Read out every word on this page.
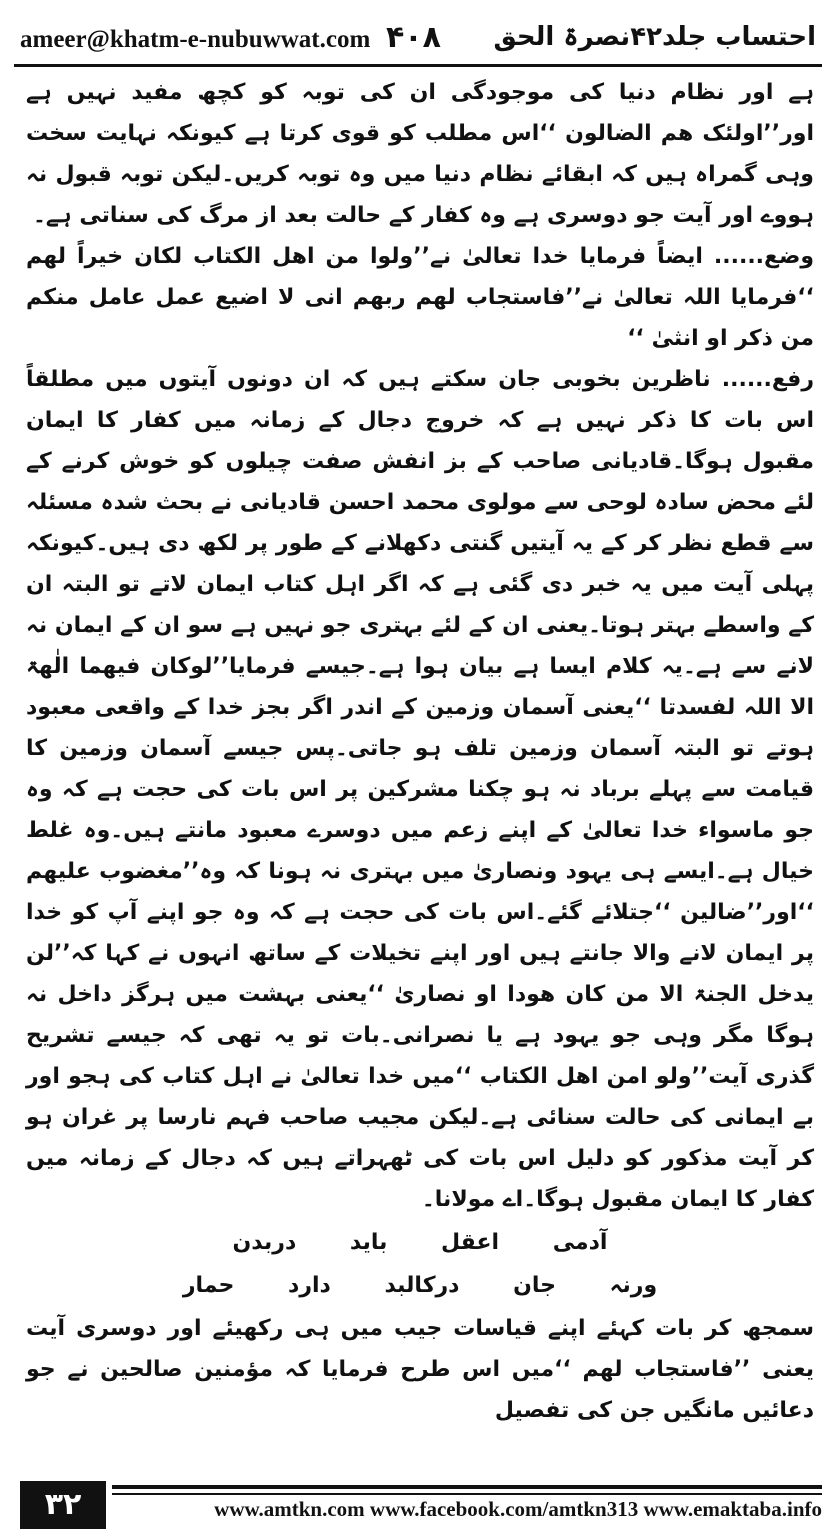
ameer@khatm-e-nubuwwat.com ۴۰۸ احتساب جلد۴۲نصرۃ الحق

ہے اور نظام دنیا کی موجودگی ان کی توبہ کو کچھ مفید نہیں ہے اور’’اولئک ھم الضالون ‘‘اس مطلب کو قوی کرتا ہے کیونکہ نہایت سخت وہی گمراہ ہیں کہ ابقائے نظام دنیا میں وہ توبہ کریں۔لیکن توبہ قبول نہ ہووے اور آیت جو دوسری ہے وہ کفار کے حالت بعد از مرگ کی سناتی ہے۔

وضع...... ایضاً فرمایا خدا تعالیٰ نے’’ولوا من اھل الکتاب لکان خیراً لھم ‘‘فرمایا اللہ تعالیٰ نے’’فاستجاب لھم ربھم انی لا اضیع عمل عامل منکم من ذکر او انثیٰ ‘‘

رفع...... ناظرین بخوبی جان سکتے ہیں کہ ان دونوں آیتوں میں مطلقاً اس بات کا ذکر نہیں ہے کہ خروج دجال کے زمانہ میں کفار کا ایمان مقبول ہوگا۔قادیانی صاحب کے بز انفش صفت چیلوں کو خوش کرنے کے لئے محض سادہ لوحی سے مولوی محمد احسن قادیانی نے بحث شدہ مسئلہ سے قطع نظر کر کے یہ آیتیں گنتی دکھلانے کے طور پر لکھ دی ہیں۔کیونکہ پہلی آیت میں یہ خبر دی گئی ہے کہ اگر اہل کتاب ایمان لاتے تو البتہ ان کے واسطے بہتر ہوتا۔یعنی ان کے لئے بہتری جو نہیں ہے سو ان کے ایمان نہ لانے سے ہے۔یہ کلام ایسا ہے بیان ہوا ہے۔جیسے فرمایا’’لوکان فیھما الٰھۃ الا اللہ لفسدتا ‘‘یعنی آسمان وزمین کے اندر اگر بجز خدا کے واقعی معبود ہوتے تو البتہ آسمان وزمین تلف ہو جاتی۔پس جیسے آسمان وزمین کا قیامت سے پہلے برباد نہ ہو چکنا مشرکین پر اس بات کی حجت ہے کہ وہ جو ماسواء خدا تعالیٰ کے اپنے زعم میں دوسرے معبود مانتے ہیں۔وہ غلط خیال ہے۔ایسے ہی یہود ونصاریٰ میں بہتری نہ ہونا کہ وہ’’مغضوب علیھم ‘‘اور’’ضالین ‘‘جتلائے گئے۔اس بات کی حجت ہے کہ وہ جو اپنے آپ کو خدا پر ایمان لانے والا جانتے ہیں اور اپنے تخیلات کے ساتھ انہوں نے کہا کہ’’لن یدخل الجنۃ الا من کان ھودا او نصاریٰ ‘‘یعنی بہشت میں ہرگز داخل نہ ہوگا مگر وہی جو یہود ہے یا نصرانی۔بات تو یہ تھی کہ جیسے تشریح گذری آیت’’ولو امن اھل الکتاب ‘‘میں خدا تعالیٰ نے اہل کتاب کی ہجو اور بے ایمانی کی حالت سنائی ہے۔لیکن مجیب صاحب فہم نارسا پر غران ہو کر آیت مذکور کو دلیل اس بات کی ٹھہراتے ہیں کہ دجال کے زمانہ میں کفار کا ایمان مقبول ہوگا۔اے مولانا۔

آدمی اعقل باید دربدن

ورنہ جان درکالبد دارد حمار

سمجھ کر بات کہئے اپنے قیاسات جیب میں ہی رکھیئے اور دوسری آیت یعنی ’’فاستجاب لھم ‘‘میں اس طرح فرمایا کہ مؤمنین صالحین نے جو دعائیں مانگیں جن کی تفصیل

۳۲	www.amtkn.com www.facebook.com/amtkn313 www.emaktaba.info
